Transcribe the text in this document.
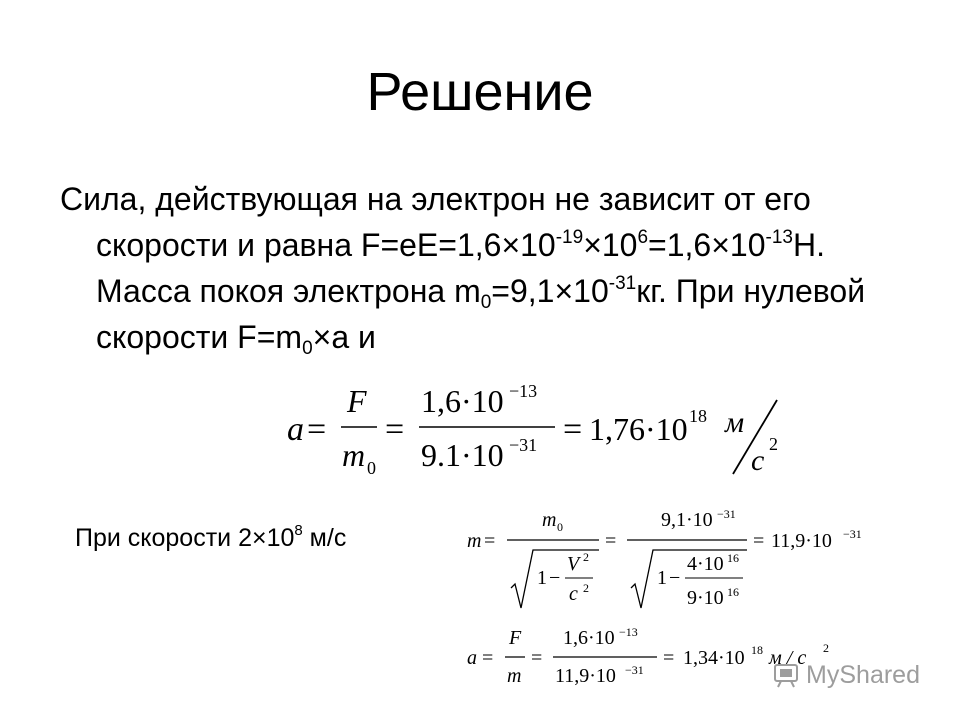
Решение
Сила, действующая на электрон не зависит от его скорости и равна $F=eE=1,6\times 10^{-19}\times 10^6=1,6\times 10^{-13}Н$. Масса покоя электрона $m_0=9,1\times 10^{-31}кг$. При нулевой скорости $F=m_0\times a$ и
a =
F
m 0
=
1,6·10 −13
9.1·10 −31 = 1,76·10 18 м
c 2
При скорости $2\times 10^8$ м/с	m =
m 0
1 −
V 2
c 2
=
9,1·10 −31
1 −
4·10 16
9·10 16
= 11,9·10 −31
a =
F
m
=
1,6·10 −13
11,9·10 −31
= 1,34·10 18 м / c 2
MyShared
